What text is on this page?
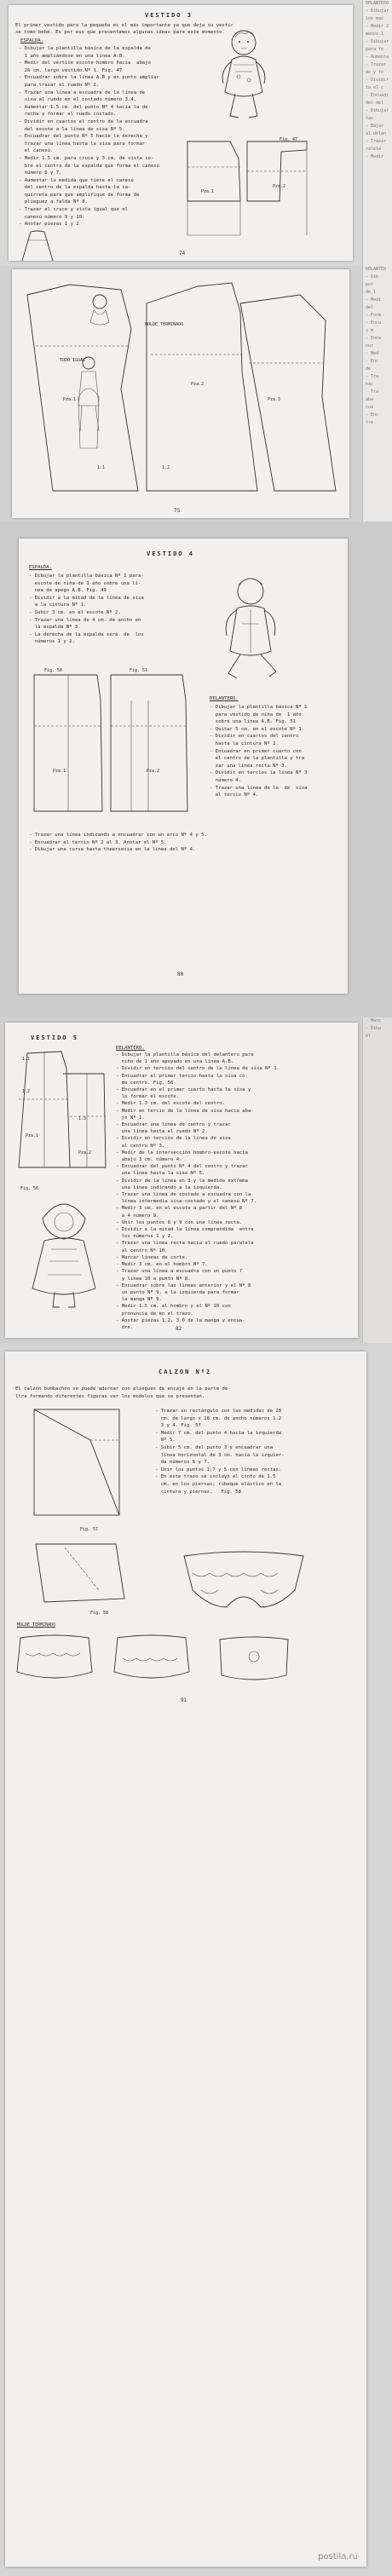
VESTIDO 3
El primer vestido para la pequeña es el más importante ya que deja su vestir
se tomó bebé. Es por eso que presentamos algunas ideas para este momento.
ESPALDA.
- Dibujar la plantilla básica de la espalda de
1 año ampliándose en una línea A.B.
- Medir del vértice escote-hombro hacia  abajo
26 cm. largo vestido.Nº 1. Fig. 47
- Encuadrar sobre la línea A.B y en punto ampliar
para trazar el ruedo Nº 2.
- Trazar una línea a escuadra de la línea de
sisa al ruedo en el costado número 3.4.
- Aumentar 1.5 cm. del punto Nº 4 hacia la de-
recha y formar el ruedo costado.
- Dividir en cuartos el centro de la escuadra
del escote a la línea de sisa Nº 5.
- Encuadrar del punto Nº 5 hacia la derecha y
trazar una línea hasta la sisa para formar
el canesú.
- Medir 1.5 cm. para cruce y 3 cm. de vista so-
bre el centro de la espalda que forma el canesú
número 6 y 7.
- Aumentar la medida que tiene el canesú
del centro de la espalda hasta la ca-
quirreta para que amplifique de forma de
plieguez a falda Nº 8.
- Trazar el cruce y vista igual que el
canesú número 9 y 10.
- Anotar piezas 1 y 2
Fig. 47
Pza.1
Pza.2
74
DELANTERO
- Dibujar
los mas
- Medir 2
menos 1
- Dibujar
para fo
- Aumenta
- Trazar
do y fo
- Dividir
ta el c
- Encuadr
del del
- Dibujar
tas
- Bajar
al delan
- Trazar
ralela
- Medir
MOLDE TERMINADO
TODO IGUAL
Pza.1
Pza.2
1.1	1.2
Pza.3
75
DELANTER
- Dib
por
de l
- Medi
del
- Form
- Encu
y m
- Enca
nur
- Med
- Enc
de
- Tra
hac
- Tra
aba
cua
- Enc
tre
VESTIDO 4
ESPALDA.
- Dibujar la plantilla básica Nº 1 para-
escote de niña de 1 año sobre una lí-
nea de apego A.B. Fig. 49
- Dividir a la mitad de la línea de sisa
a la cintura Nº 1.
- Subir 3 cm. en el escote Nº 2.
- Trazar una línea de 4 cm. de ancho en
la espalda Nº 3.
- La derecha de la espalda será  de  los
números 1 y 2.
Fig. 50	Fig. 51
Pza.1	Pza.2
DELANTERO.
- Dibujar la plantilla básica Nº 1
para vestido de niña de  1 año
sobre una línea A.B. Fig. 51
- Quitar 5 cm. en el escote Nº 1.
- Dividir en cuartos del centro
hasta la cintura Nº 2.
- Encuadrar en primer cuarto con
el centro de la plantilla y tra
zar una línea recta Nº 3.
- Dividir en tercios la línea Nº 3
número 4.
- Trazar una línea de la  de  sisa
al tercio Nº 4.
- Trazar una línea indicando a encuadrar con un arco Nº 4 y 5.
- Encuadrar el tercio Nº 2 al 3. Anotar el Nº 5.
- Dibujar una curva hasta theersesia en la línea del Nº 4.
80
VESTIDO 5
DELANTERO.
- Dibujar la plantilla básica del delantero para
niño de 1 año apoyado en una línea A.B.
- Dividir en tercios del centro de la línea de sisa Nº 1.
- Encuadrar el primer tercio hasta la sisa co-
mo centro. Fig. 56
- Encuadrar en el primer cuarto hasta la sisa y
lo formar el escote.
- Medir 1.3 cm. del escote del centro.
- Medir en tercio de la línea de sisa hacia aba-
jo Nº 1.
- Encuadrar una línea de centro y trazar
una línea hasta el ruedo Nº 2.
- Dividir en tercios de la línea de sisa
al centro Nº 3.
- Medir de la intersección hombro-escote hacia
abajo 3 cm. número 4.
- Encuadrar del punto Nº 4 del centro y trazar
una línea hasta la sisa Nº 5.
- Dividir de la línea en 3 y la medida extrema
una línea indicando a la izquierda.
- Trazar una línea de costado a escuadra con la
línea intermedia sisa-costado y el canesú Nº 7.
- Medir 3 cm. en el escote a partir del Nº 8
a 4 número 9.
- Unir los puntos 8 y 9 con una línea recta.
- Dividir a la mitad la línea comprendida  entre
los números 1 y 2.
- Trazar una línea recta hacia el ruedo paralela
al centro Nº 10.
- Marcar líneas de corte.
- Medir 3 cm. en el hombro Nº 7.
- Trazar una línea a escuadra con un punto 7
y línea 10 a punto Nº 8.
- Encuadrar sobre las líneas anterior y el Nº 8
un punto Nº 9, a la izquierda para formar
la manga Nº 9.
- Medir 1.5 cm. al hombro y el Nº 10 con
pronuncia de en el trazo.
- Anotar piezas 1.2, 3.0 de la manga y encua-
dre.
1.1
1.2
1.3
Pza.1
Pza.2
Fig. 56
82
- Marc
- Dibu
el
CALZON Nº2
El calzón bombachón se puede adornar con pliegues de encaje en la parte de-
ltra formando diferentes figuras ver los modelos que se presentan.
Fig. 57
- Trazar un rectángulo con las medidas de 28
cm. de largo x 18 cm. de ancho números 1.2
3 y 4. Fig. 57
- Medir 7 cm. del punto 4 hacia la izquierda
Nº 5.
- Subir 5 cm. del punto 3 y encuadrar una
línea horizontal de 3 cm. hacia la izquier-
da números 6 y 7.
- Unir los puntos 1,7 y 5 con líneas rectas.
- En este trazo se incluyó el cinto de 1.5
cm. en los piernas; ribeque elástico en la
cintura y piernas.   Fig. 58
Fig. 58
MOLDE TERMINADO
91
postila.ru
